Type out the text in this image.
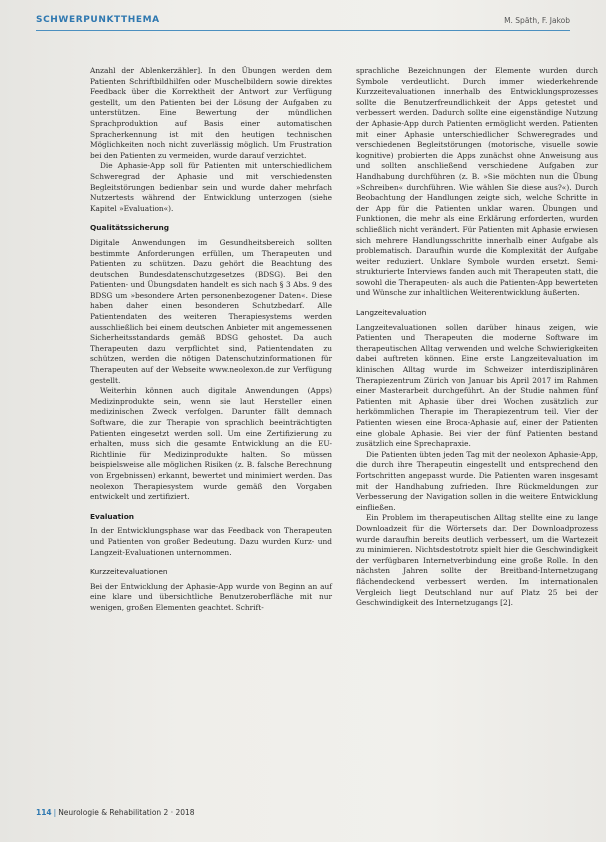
SCHWERPUNKTTHEMA	M. Späth, F. Jakob

Anzahl der Ablenkerzähler]. In den Übungen werden dem Patienten Schriftbildhilfen oder Muschelbildern sowie direktes Feedback über die Korrektheit der Antwort zur Verfügung gestellt, um den Patienten bei der Lösung der Aufgaben zu unterstützen. Eine Bewertung der mündlichen Sprachproduktion auf Basis einer automatischen Spracherkennung ist mit den heutigen technischen Möglichkeiten noch nicht zuverlässig möglich. Um Frustration bei den Patienten zu vermeiden, wurde darauf verzichtet.

Die Aphasie-App soll für Patienten mit unterschiedlichem Schweregrad der Aphasie und mit verschiedensten Begleitstörungen bedienbar sein und wurde daher mehrfach Nutzertests während der Entwicklung unterzogen (siehe Kapitel »Evaluation«).

Qualitätssicherung

Digitale Anwendungen im Gesundheitsbereich sollten bestimmte Anforderungen erfüllen, um Therapeuten und Patienten zu schützen. Dazu gehört die Beachtung des deutschen Bundesdatenschutzgesetzes (BDSG). Bei den Patienten- und Übungsdaten handelt es sich nach § 3 Abs. 9 des BDSG um »besondere Arten personenbezogener Daten«. Diese haben daher einen besonderen Schutzbedarf. Alle Patientendaten des weiteren Therapiesystems werden ausschließlich bei einem deutschen Anbieter mit angemessenen Sicherheitsstandards gemäß BDSG gehostet. Da auch Therapeuten dazu verpflichtet sind, Patientendaten zu schützen, werden die nötigen Datenschutzinformationen für Therapeuten auf der Webseite www.neolexon.de zur Verfügung gestellt.

Weiterhin können auch digitale Anwendungen (Apps) Medizinprodukte sein, wenn sie laut Hersteller einen medizinischen Zweck verfolgen. Darunter fällt demnach Software, die zur Therapie von sprachlich beeinträchtigten Patienten eingesetzt werden soll. Um eine Zertifizierung zu erhalten, muss sich die gesamte Entwicklung an die EU-Richtlinie für Medizinprodukte halten. So müssen beispielsweise alle möglichen Risiken (z. B. falsche Berechnung von Ergebnissen) erkannt, bewertet und minimiert werden. Das neolexon Therapiesystem wurde gemäß den Vorgaben entwickelt und zertifiziert.

Evaluation

In der Entwicklungsphase war das Feedback von Therapeuten und Patienten von großer Bedeutung. Dazu wurden Kurz- und Langzeit-Evaluationen unternommen.

Kurzzeitevaluationen

Bei der Entwicklung der Aphasie-App wurde von Beginn an auf eine klare und übersichtliche Benutzeroberfläche mit nur wenigen, großen Elementen geachtet. Schrift-

sprachliche Bezeichnungen der Elemente wurden durch Symbole verdeutlicht. Durch immer wiederkehrende Kurzzeitevaluationen innerhalb des Entwicklungsprozesses sollte die Benutzerfreundlichkeit der Apps getestet und verbessert werden. Dadurch sollte eine eigenständige Nutzung der Aphasie-App durch Patienten ermöglicht werden. Patienten mit einer Aphasie unterschiedlicher Schweregrades und verschiedenen Begleitstörungen (motorische, visuelle sowie kognitive) probierten die Apps zunächst ohne Anweisung aus und sollten anschließend verschiedene Aufgaben zur Handhabung durchführen (z. B. »Sie möchten nun die Übung »Schreiben« durchführen. Wie wählen Sie diese aus?«). Durch Beobachtung der Handlungen zeigte sich, welche Schritte in der App für die Patienten unklar waren. Übungen und Funktionen, die mehr als eine Erklärung erforderten, wurden schließlich nicht verändert. Für Patienten mit Aphasie erwiesen sich mehrere Handlungsschritte innerhalb einer Aufgabe als problematisch. Daraufhin wurde die Komplexität der Aufgabe weiter reduziert. Unklare Symbole wurden ersetzt. Semi-strukturierte Interviews fanden auch mit Therapeuten statt, die sowohl die Therapeuten- als auch die Patienten-App bewerteten und Wünsche zur inhaltlichen Weiterentwicklung äußerten.

Langzeitevaluation

Langzeitevaluationen sollen darüber hinaus zeigen, wie Patienten und Therapeuten die moderne Software im therapeutischen Alltag verwenden und welche Schwierigkeiten dabei auftreten können. Eine erste Langzeitevaluation im klinischen Alltag wurde im Schweizer interdisziplinären Therapiezentrum Zürich von Januar bis April 2017 im Rahmen einer Masterarbeit durchgeführt. An der Studie nahmen fünf Patienten mit Aphasie über drei Wochen zusätzlich zur herkömmlichen Therapie im Therapiezentrum teil. Vier der Patienten wiesen eine Broca-Aphasie auf, einer der Patienten eine globale Aphasie. Bei vier der fünf Patienten bestand zusätzlich eine Sprechapraxie.

Die Patienten übten jeden Tag mit der neolexon Aphasie-App, die durch ihre Therapeutin eingestellt und entsprechend den Fortschritten angepasst wurde. Die Patienten waren insgesamt mit der Handhabung zufrieden. Ihre Rückmeldungen zur Verbesserung der Navigation sollen in die weitere Entwicklung einfließen.

Ein Problem im therapeutischen Alltag stellte eine zu lange Downloadzeit für die Wörtersets dar. Der Downloadprozess wurde daraufhin bereits deutlich verbessert, um die Wartezeit zu minimieren. Nichtsdestotrotz spielt hier die Geschwindigkeit der verfügbaren Internetverbindung eine große Rolle. In den nächsten Jahren sollte der Breitband-Internetzugang flächendeckend verbessert werden. Im internationalen Vergleich liegt Deutschland nur auf Platz 25 bei der Geschwindigkeit des Internetzugangs [2].

114 | Neurologie & Rehabilitation 2 · 2018
